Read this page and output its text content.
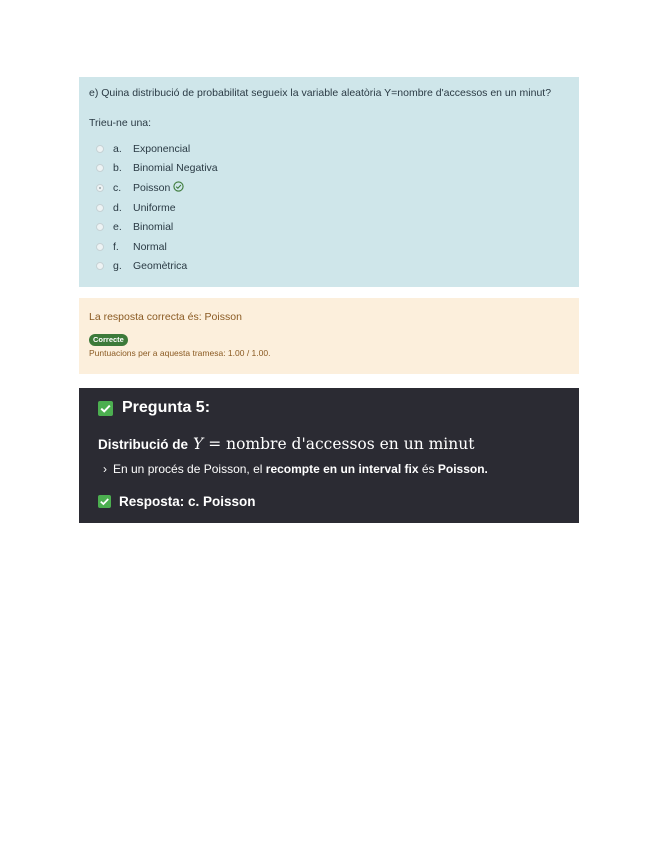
e) Quina distribució de probabilitat segueix la variable aleatòria Y=nombre d'accessos en un minut?
Trieu-ne una:
a.	Exponencial
b.	Binomial Negativa
c.	Poisson
d.	Uniforme
e.	Binomial
f.	Normal
g.	Geomètrica
La resposta correcta és: Poisson
Correcte
Puntuacions per a aquesta tramesa: 1.00 / 1.00.
Pregunta 5:
Distribució de Y = nombre d'accessos en un minut
› En un procés de Poisson, el
recompte en un interval fix
és
Poisson.
Resposta: c. Poisson
